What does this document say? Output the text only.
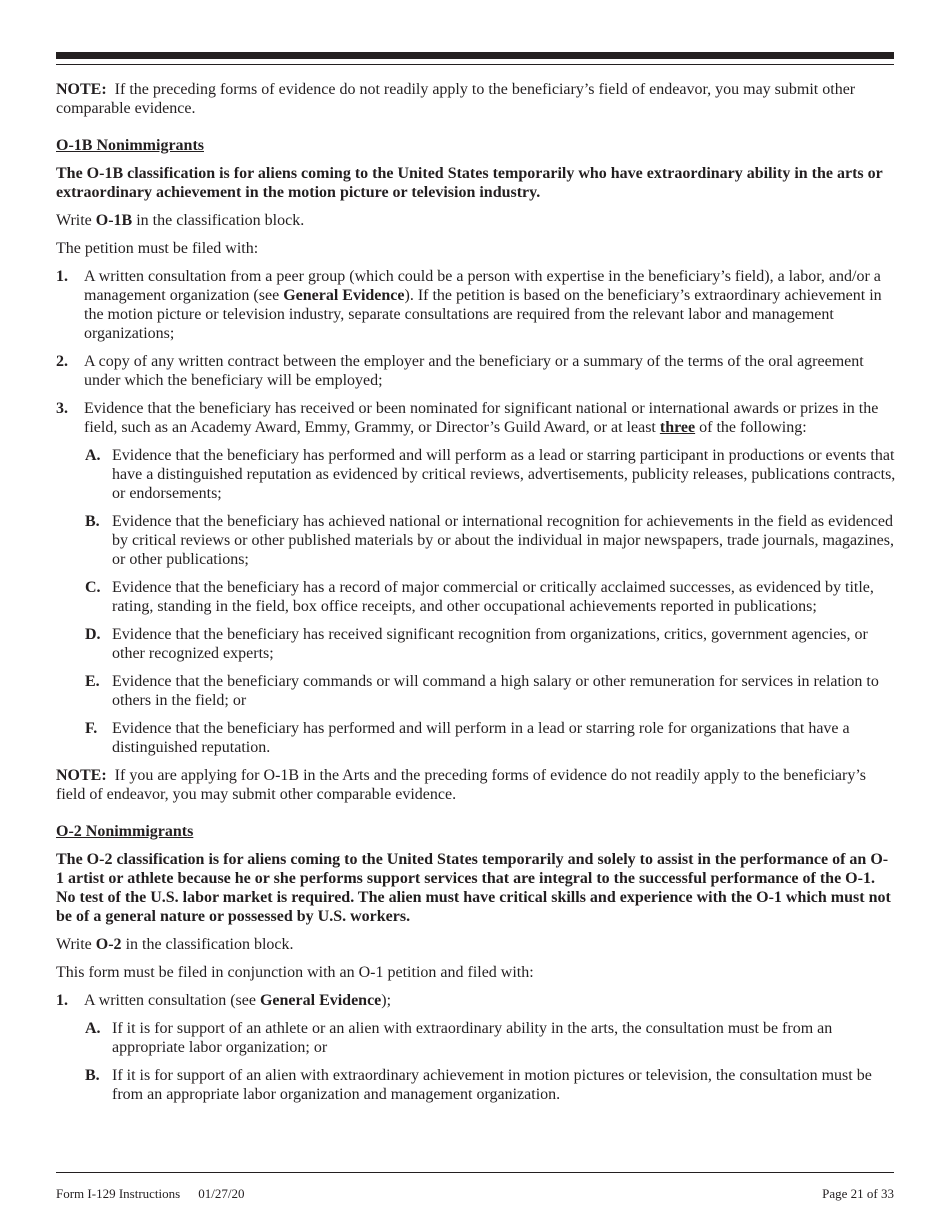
NOTE: If the preceding forms of evidence do not readily apply to the beneficiary’s field of endeavor, you may submit other comparable evidence.

O-1B Nonimmigrants

The O-1B classification is for aliens coming to the United States temporarily who have extraordinary ability in the arts or extraordinary achievement in the motion picture or television industry.

Write O-1B in the classification block.

The petition must be filed with:

1. A written consultation from a peer group (which could be a person with expertise in the beneficiary’s field), a labor, and/or a management organization (see General Evidence). If the petition is based on the beneficiary’s extraordinary achievement in the motion picture or television industry, separate consultations are required from the relevant labor and management organizations;
2. A copy of any written contract between the employer and the beneficiary or a summary of the terms of the oral agreement under which the beneficiary will be employed;
3. Evidence that the beneficiary has received or been nominated for significant national or international awards or prizes in the field, such as an Academy Award, Emmy, Grammy, or Director’s Guild Award, or at least three of the following:
A. Evidence that the beneficiary has performed and will perform as a lead or starring participant in productions or events that have a distinguished reputation as evidenced by critical reviews, advertisements, publicity releases, publications contracts, or endorsements;
B. Evidence that the beneficiary has achieved national or international recognition for achievements in the field as evidenced by critical reviews or other published materials by or about the individual in major newspapers, trade journals, magazines, or other publications;
C. Evidence that the beneficiary has a record of major commercial or critically acclaimed successes, as evidenced by title, rating, standing in the field, box office receipts, and other occupational achievements reported in publications;
D. Evidence that the beneficiary has received significant recognition from organizations, critics, government agencies, or other recognized experts;
E. Evidence that the beneficiary commands or will command a high salary or other remuneration for services in relation to others in the field; or
F. Evidence that the beneficiary has performed and will perform in a lead or starring role for organizations that have a distinguished reputation.

NOTE: If you are applying for O-1B in the Arts and the preceding forms of evidence do not readily apply to the beneficiary’s field of endeavor, you may submit other comparable evidence.

O-2 Nonimmigrants

The O-2 classification is for aliens coming to the United States temporarily and solely to assist in the performance of an O-1 artist or athlete because he or she performs support services that are integral to the successful performance of the O-1. No test of the U.S. labor market is required. The alien must have critical skills and experience with the O-1 which must not be of a general nature or possessed by U.S. workers.

Write O-2 in the classification block.

This form must be filed in conjunction with an O-1 petition and filed with:

1. A written consultation (see General Evidence);
A. If it is for support of an athlete or an alien with extraordinary ability in the arts, the consultation must be from an appropriate labor organization; or
B. If it is for support of an alien with extraordinary achievement in motion pictures or television, the consultation must be from an appropriate labor organization and management organization.
Form I-129 Instructions 01/27/20	Page 21 of 33
